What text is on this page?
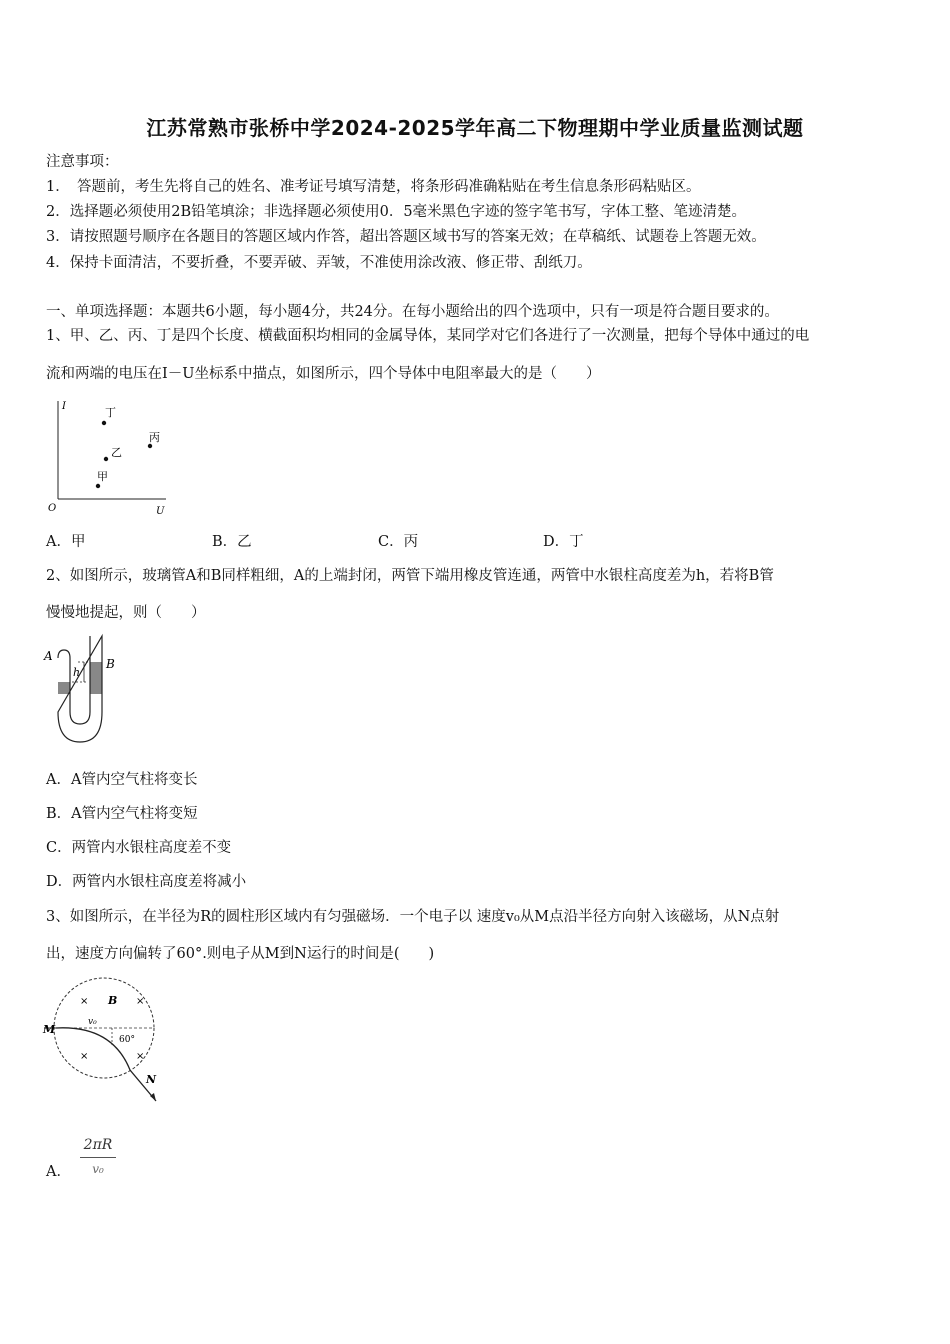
江苏常熟市张桥中学2024-2025学年高二下物理期中学业质量监测试题
注意事项：
1．　答题前，考生先将自己的姓名、准考证号填写清楚，将条形码准确粘贴在考生信息条形码粘贴区。
2．选择题必须使用2B铅笔填涂；非选择题必须使用0．5毫米黑色字迹的签字笔书写，字体工整、笔迹清楚。
3．请按照题号顺序在各题目的答题区域内作答，超出答题区域书写的答案无效；在草稿纸、试题卷上答题无效。
4．保持卡面清洁，不要折叠，不要弄破、弄皱，不准使用涂改液、修正带、刮纸刀。
一、单项选择题：本题共6小题，每小题4分，共24分。在每小题给出的四个选项中，只有一项是符合题目要求的。
1、甲、乙、丙、丁是四个长度、横截面积均相同的金属导体，某同学对它们各进行了一次测量，把每个导体中通过的电
流和两端的电压在I－U坐标系中描点，如图所示，四个导体中电阻率最大的是（　　）
I
U
O
丁
乙
丙
甲
A．甲	B．乙	C．丙	D．丁
2、如图所示，玻璃管A和B同样粗细，A的上端封闭，两管下端用橡皮管连通，两管中水银柱高度差为h，若将B管
慢慢地提起，则（　　）
A
B
h
A．A管内空气柱将变长
B．A管内空气柱将变短
C．两管内水银柱高度差不变
D．两管内水银柱高度差将减小
3、如图所示，在半径为R的圆柱形区域内有匀强磁场．一个电子以 速度v₀从M点沿半径方向射入该磁场，从N点射
出，速度方向偏转了60°.则电子从M到N运行的时间是(　　)
×	×
×	×
B
M
v₀
60°
N
A．
2πR
v₀
